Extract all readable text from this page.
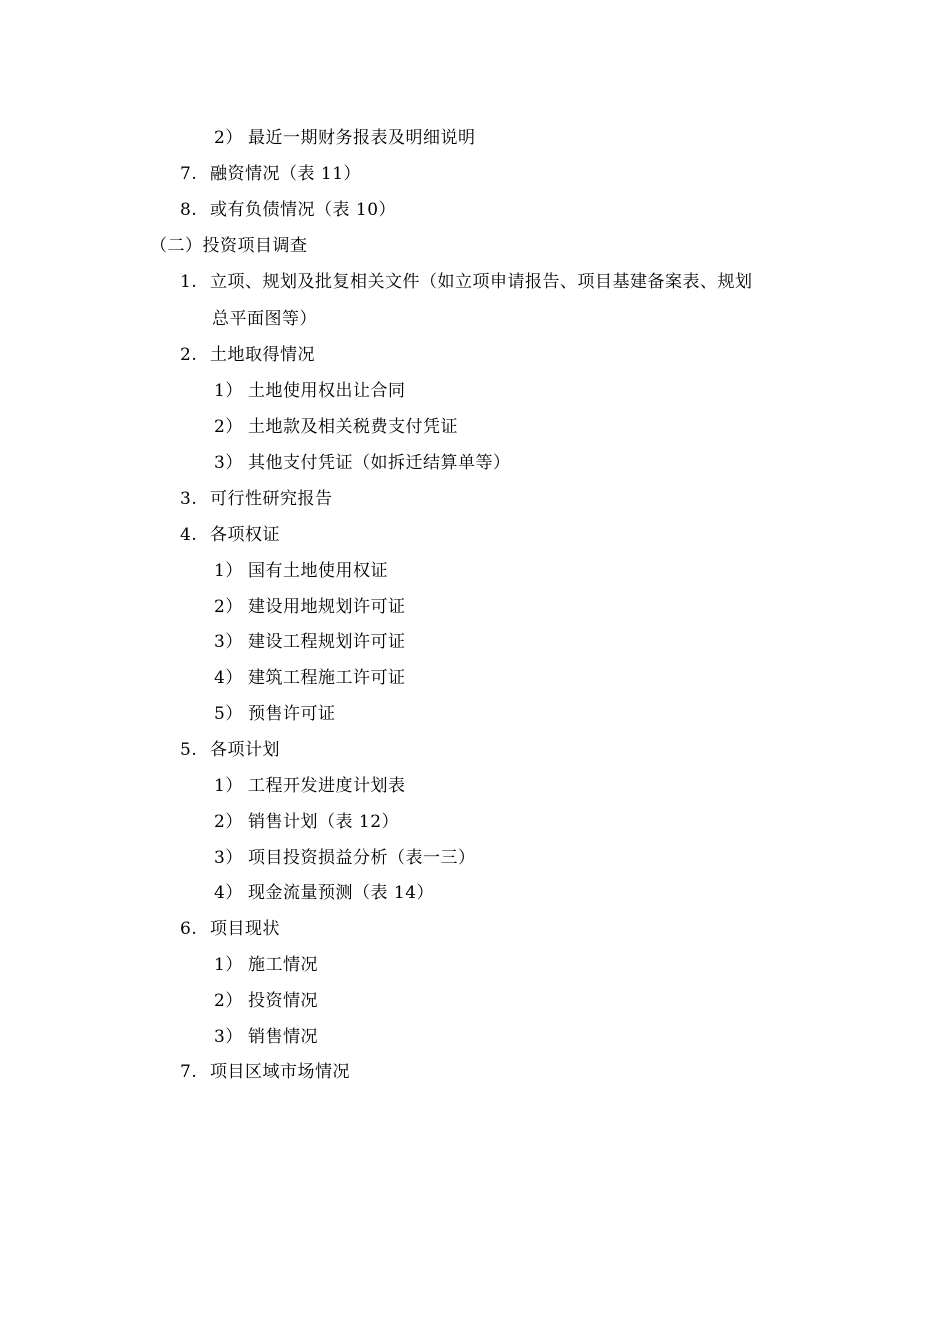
2） 最近一期财务报表及明细说明
7. 融资情况（表 11）
8. 或有负债情况（表 10）
（二）投资项目调查
1. 立项、规划及批复相关文件（如立项申请报告、项目基建备案表、规划
总平面图等）
2. 土地取得情况
1） 土地使用权出让合同
2） 土地款及相关税费支付凭证
3） 其他支付凭证（如拆迁结算单等）
3. 可行性研究报告
4. 各项权证
1） 国有土地使用权证
2） 建设用地规划许可证
3） 建设工程规划许可证
4） 建筑工程施工许可证
5） 预售许可证
5. 各项计划
1） 工程开发进度计划表
2） 销售计划（表 12）
3） 项目投资损益分析（表一三）
4） 现金流量预测（表 14）
6. 项目现状
1） 施工情况
2） 投资情况
3） 销售情况
7. 项目区域市场情况
